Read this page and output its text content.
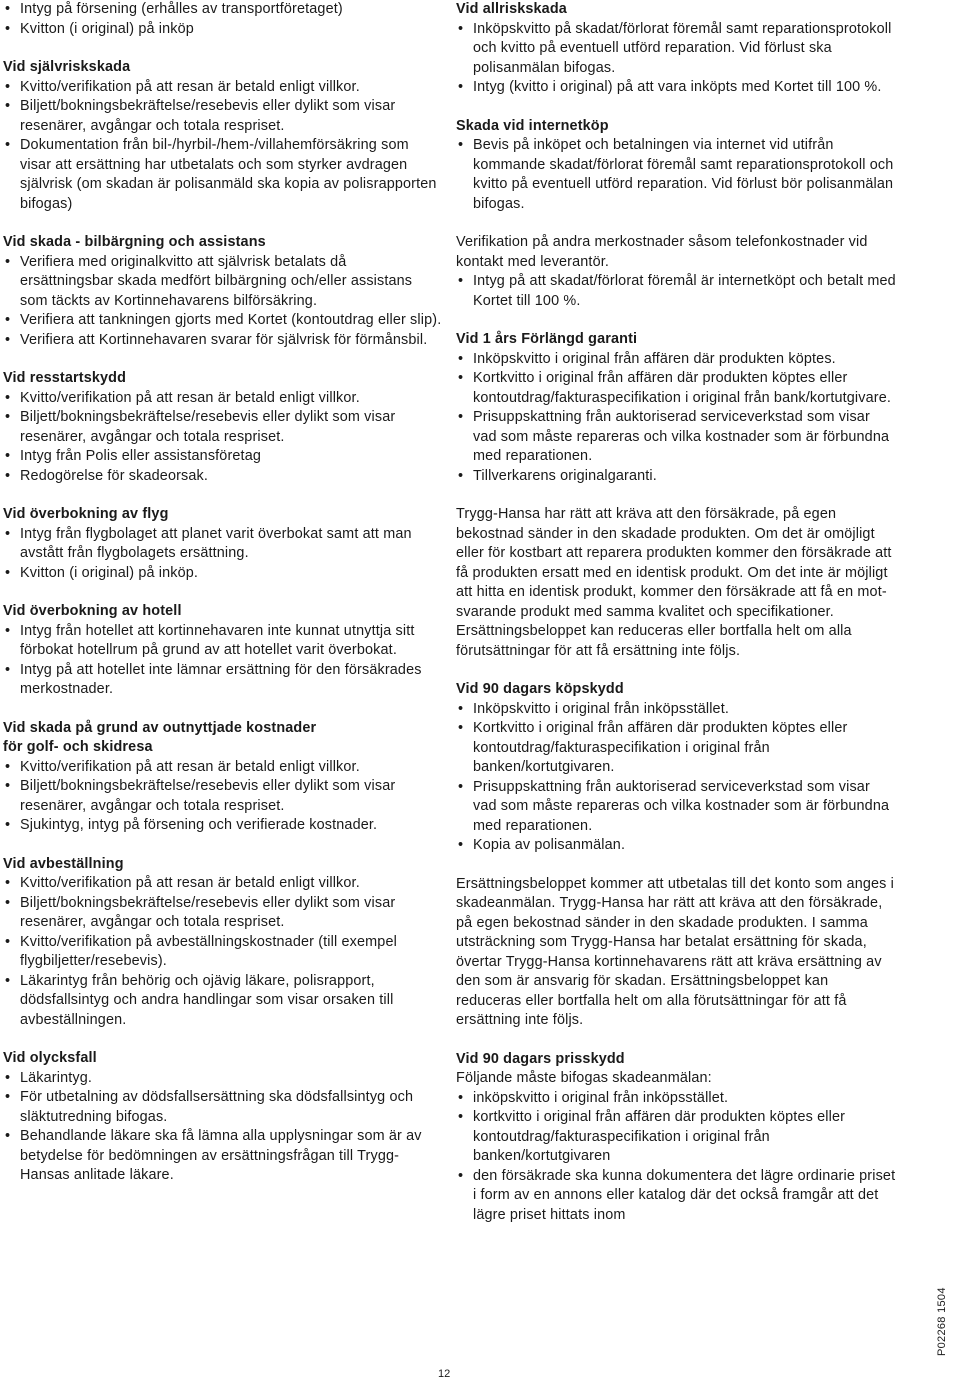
• Intyg på försening (erhålles av transportföretaget)
• Kvitton (i original) på inköp

Vid självriskskada

• Kvitto/verifikation på att resan är betald enligt villkor.
• Biljett/bokningsbekräftelse/resebevis eller dylikt som visar resenärer, avgångar och totala respriset.
• Dokumentation från bil-/hyrbil-/hem-/villahemförsäkring som visar att ersättning har utbetalats och som styrker avdragen självrisk (om skadan är polisanmäld ska kopia av polisrapporten bifogas)

Vid skada - bilbärgning och assistans

• Verifiera med originalkvitto att självrisk betalats då ersättningsbar skada medfört bilbärgning och/eller assistans som täckts av Kortinnehavarens bilförsäkring.
• Verifiera att tankningen gjorts med Kortet (kontoutdrag eller slip).
• Verifiera att Kortinnehavaren svarar för självrisk för förmånsbil.

Vid resstartskydd

• Kvitto/verifikation på att resan är betald enligt villkor.
• Biljett/bokningsbekräftelse/resebevis eller dylikt som visar resenärer, avgångar och totala respriset.
• Intyg från Polis eller assistansföretag
• Redogörelse för skadeorsak.

Vid överbokning av flyg

• Intyg från flygbolaget att planet varit överbokat samt att man avstått från flygbolagets ersättning.
• Kvitton (i original) på inköp.

Vid överbokning av hotell

• Intyg från hotellet att kortinnehavaren inte kunnat utnyttja sitt förbokat hotellrum på grund av att hotellet varit överbokat.
• Intyg på att hotellet inte lämnar ersättning för den försäkrades merkostnader.

Vid skada på grund av outnyttjade kostnader

för golf- och skidresa

• Kvitto/verifikation på att resan är betald enligt villkor.
• Biljett/bokningsbekräftelse/resebevis eller dylikt som visar resenärer, avgångar och totala respriset.
• Sjukintyg, intyg på försening och verifierade kostnader.

Vid avbeställning

• Kvitto/verifikation på att resan är betald enligt villkor.
• Biljett/bokningsbekräftelse/resebevis eller dylikt som visar resenärer, avgångar och totala respriset.
• Kvitto/verifikation på avbeställningskostnader (till exempel flygbiljetter/resebevis).
• Läkarintyg från behörig och ojävig läkare, polisrapport, dödsfallsintyg och andra handlingar som visar orsaken till avbeställningen.

Vid olycksfall

• Läkarintyg.
• För utbetalning av dödsfallsersättning ska dödsfallsintyg och släktutredning bifogas.
• Behandlande läkare ska få lämna alla upplysningar som är av betydelse för bedömningen av ersättningsfrågan till Trygg-Hansas anlitade läkare.

Vid allriskskada

• Inköpskvitto på skadat/förlorat föremål samt reparationsprotokoll och kvitto på eventuell utförd reparation. Vid förlust ska polisanmälan bifogas.
• Intyg (kvitto i original) på att vara inköpts med Kortet till 100 %.

Skada vid internetköp

• Bevis på inköpet och betalningen via internet vid utifrån kommande skadat/förlorat föremål samt reparationsprotokoll och kvitto på eventuell utförd reparation. Vid förlust bör polisanmälan bifogas.

Verifikation på andra merkostnader såsom telefonkostnader vid kontakt med leverantör.

• Intyg på att skadat/förlorat föremål är internetköpt och betalt med Kortet till 100 %.

Vid 1 års Förlängd garanti

• Inköpskvitto i original från affären där produkten köptes.
• Kortkvitto i original från affären där produkten köptes eller kontoutdrag/fakturaspecifikation i original från bank/kortutgivare.
• Prisuppskattning från auktoriserad serviceverkstad som visar vad som måste repareras och vilka kostnader som är förbundna med reparationen.
• Tillverkarens originalgaranti.

Trygg-Hansa har rätt att kräva att den försäkrade, på egen bekostnad sänder in den skadade produkten. Om det är omöjligt eller för kostbart att reparera produkten kommer den försäkrade att få produkten ersatt med en identisk produkt. Om det inte är möjligt att hitta en identisk produkt, kommer den försäkrade att få en motsvarande produkt med samma kvalitet och specifikationer. Ersättningsbeloppet kan reduceras eller bortfalla helt om alla förutsättningar för att få ersättning inte följs.

Vid 90 dagars köpskydd

• Inköpskvitto i original från inköpsstället.
• Kortkvitto i original från affären där produkten köptes eller kontoutdrag/fakturaspecifikation i original från banken/kortutgivaren.
• Prisuppskattning från auktoriserad serviceverkstad som visar vad som måste repareras och vilka kostnader som är förbundna med reparationen.
• Kopia av polisanmälan.

Ersättningsbeloppet kommer att utbetalas till det konto som anges i skadeanmälan. Trygg-Hansa har rätt att kräva att den försäkrade, på egen bekostnad sänder in den skadade produkten. I samma utsträckning som Trygg-Hansa har betalat ersättning för skada, övertar Trygg-Hansa kortinnehavarens rätt att kräva ersättning av den som är ansvarig för skadan. Ersättningsbeloppet kan reduceras eller bortfalla helt om alla förutsättningar för att få ersättning inte följs.

Vid 90 dagars prisskydd

Följande måste bifogas skadeanmälan:

• inköpskvitto i original från inköpsstället.
• kortkvitto i original från affären där produkten köptes eller kontoutdrag/fakturaspecifikation i original från banken/kortutgivaren
• den försäkrade ska kunna dokumentera det lägre ordinarie priset i form av en annons eller katalog där det också framgår att det lägre priset hittats inom
12
P02268 1504
